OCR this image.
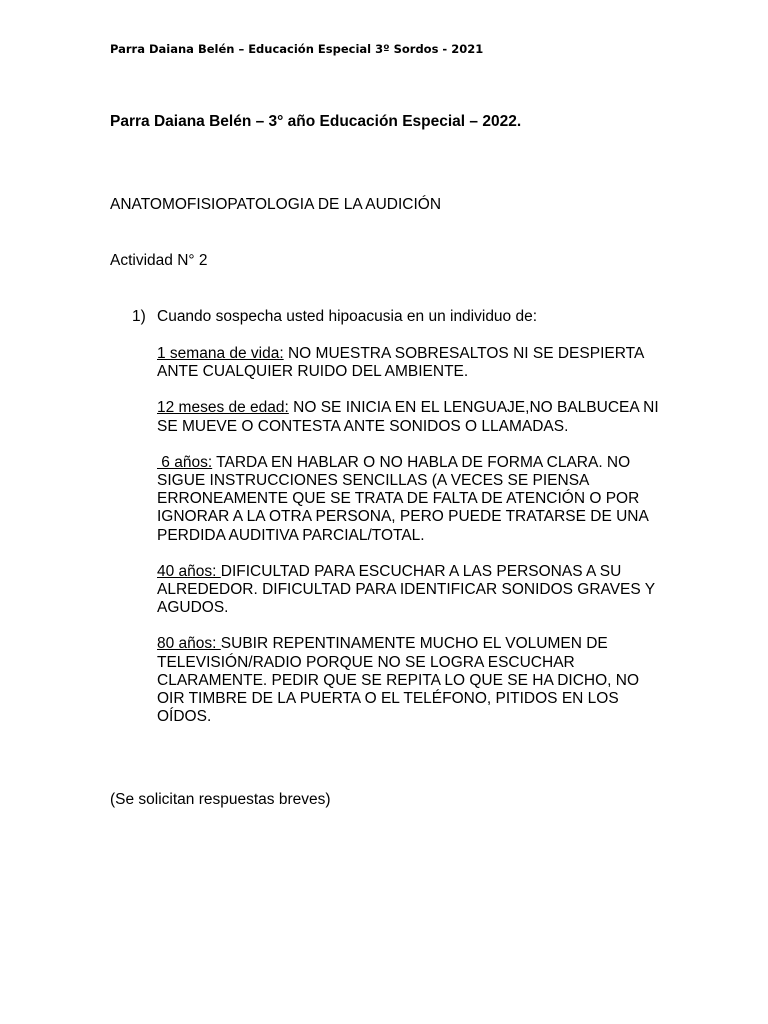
Parra Daiana Belén – Educación Especial 3º Sordos - 2021
Parra Daiana Belén – 3° año Educación Especial – 2022.
ANATOMOFISIOPATOLOGIA DE LA AUDICIÓN
Actividad N° 2
1) Cuando sospecha usted hipoacusia en un individuo de:

1 semana de vida: NO MUESTRA SOBRESALTOS NI SE DESPIERTA ANTE CUALQUIER RUIDO DEL AMBIENTE.

12 meses de edad: NO SE INICIA EN EL LENGUAJE,NO BALBUCEA NI SE MUEVE O CONTESTA ANTE SONIDOS O LLAMADAS.

6 años: TARDA EN HABLAR O NO HABLA DE FORMA CLARA. NO SIGUE INSTRUCCIONES SENCILLAS (A VECES SE PIENSA ERRONEAMENTE QUE SE TRATA DE FALTA DE ATENCIÓN O POR IGNORAR A LA OTRA PERSONA, PERO PUEDE TRATARSE DE UNA PERDIDA AUDITIVA PARCIAL/TOTAL.

40 años: DIFICULTAD PARA ESCUCHAR A LAS PERSONAS A SU ALREDEDOR. DIFICULTAD PARA IDENTIFICAR SONIDOS GRAVES Y AGUDOS.

80 años: SUBIR REPENTINAMENTE MUCHO EL VOLUMEN DE TELEVISIÓN/RADIO PORQUE NO SE LOGRA ESCUCHAR CLARAMENTE. PEDIR QUE SE REPITA LO QUE SE HA DICHO, NO OIR TIMBRE DE LA PUERTA O EL TELÉFONO, PITIDOS EN LOS OÍDOS.

(Se solicitan respuestas breves)
